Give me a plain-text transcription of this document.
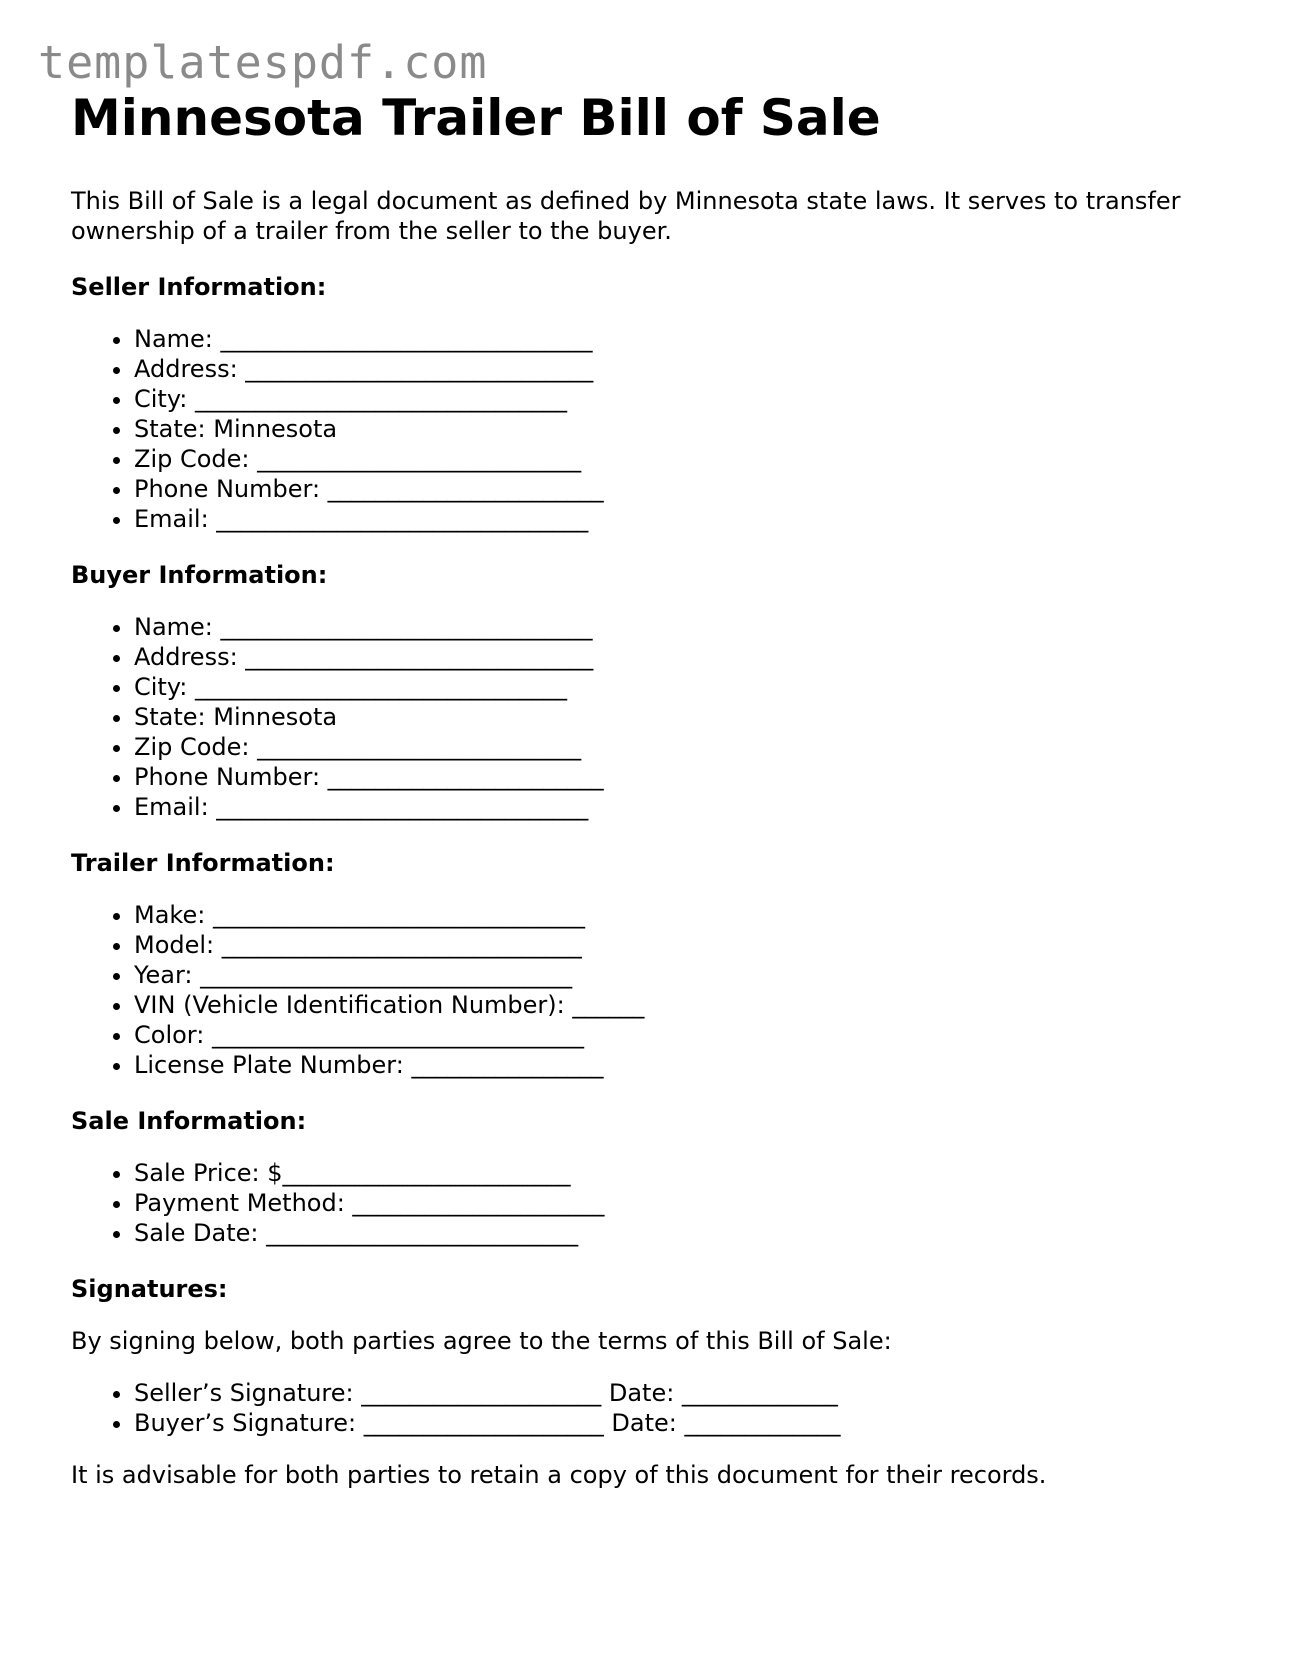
templatespdf.com
Minnesota Trailer Bill of Sale
This Bill of Sale is a legal document as defined by Minnesota state laws. It serves to transfer ownership of a trailer from the seller to the buyer.
Seller Information:
• Name: _______________________________
• Address: _____________________________
• City: _______________________________
• State: Minnesota
• Zip Code: ___________________________
• Phone Number: _______________________
• Email: _______________________________
Buyer Information:
• Name: _______________________________
• Address: _____________________________
• City: _______________________________
• State: Minnesota
• Zip Code: ___________________________
• Phone Number: _______________________
• Email: _______________________________
Trailer Information:
• Make: _______________________________
• Model: ______________________________
• Year: _______________________________
• VIN (Vehicle Identification Number): ______
• Color: _______________________________
• License Plate Number: ________________
Sale Information:
• Sale Price: $________________________
• Payment Method: _____________________
• Sale Date: __________________________
Signatures:

By signing below, both parties agree to the terms of this Bill of Sale:

• Seller’s Signature: ____________________ Date: _____________
• Buyer’s Signature: ____________________ Date: _____________

It is advisable for both parties to retain a copy of this document for their records.
